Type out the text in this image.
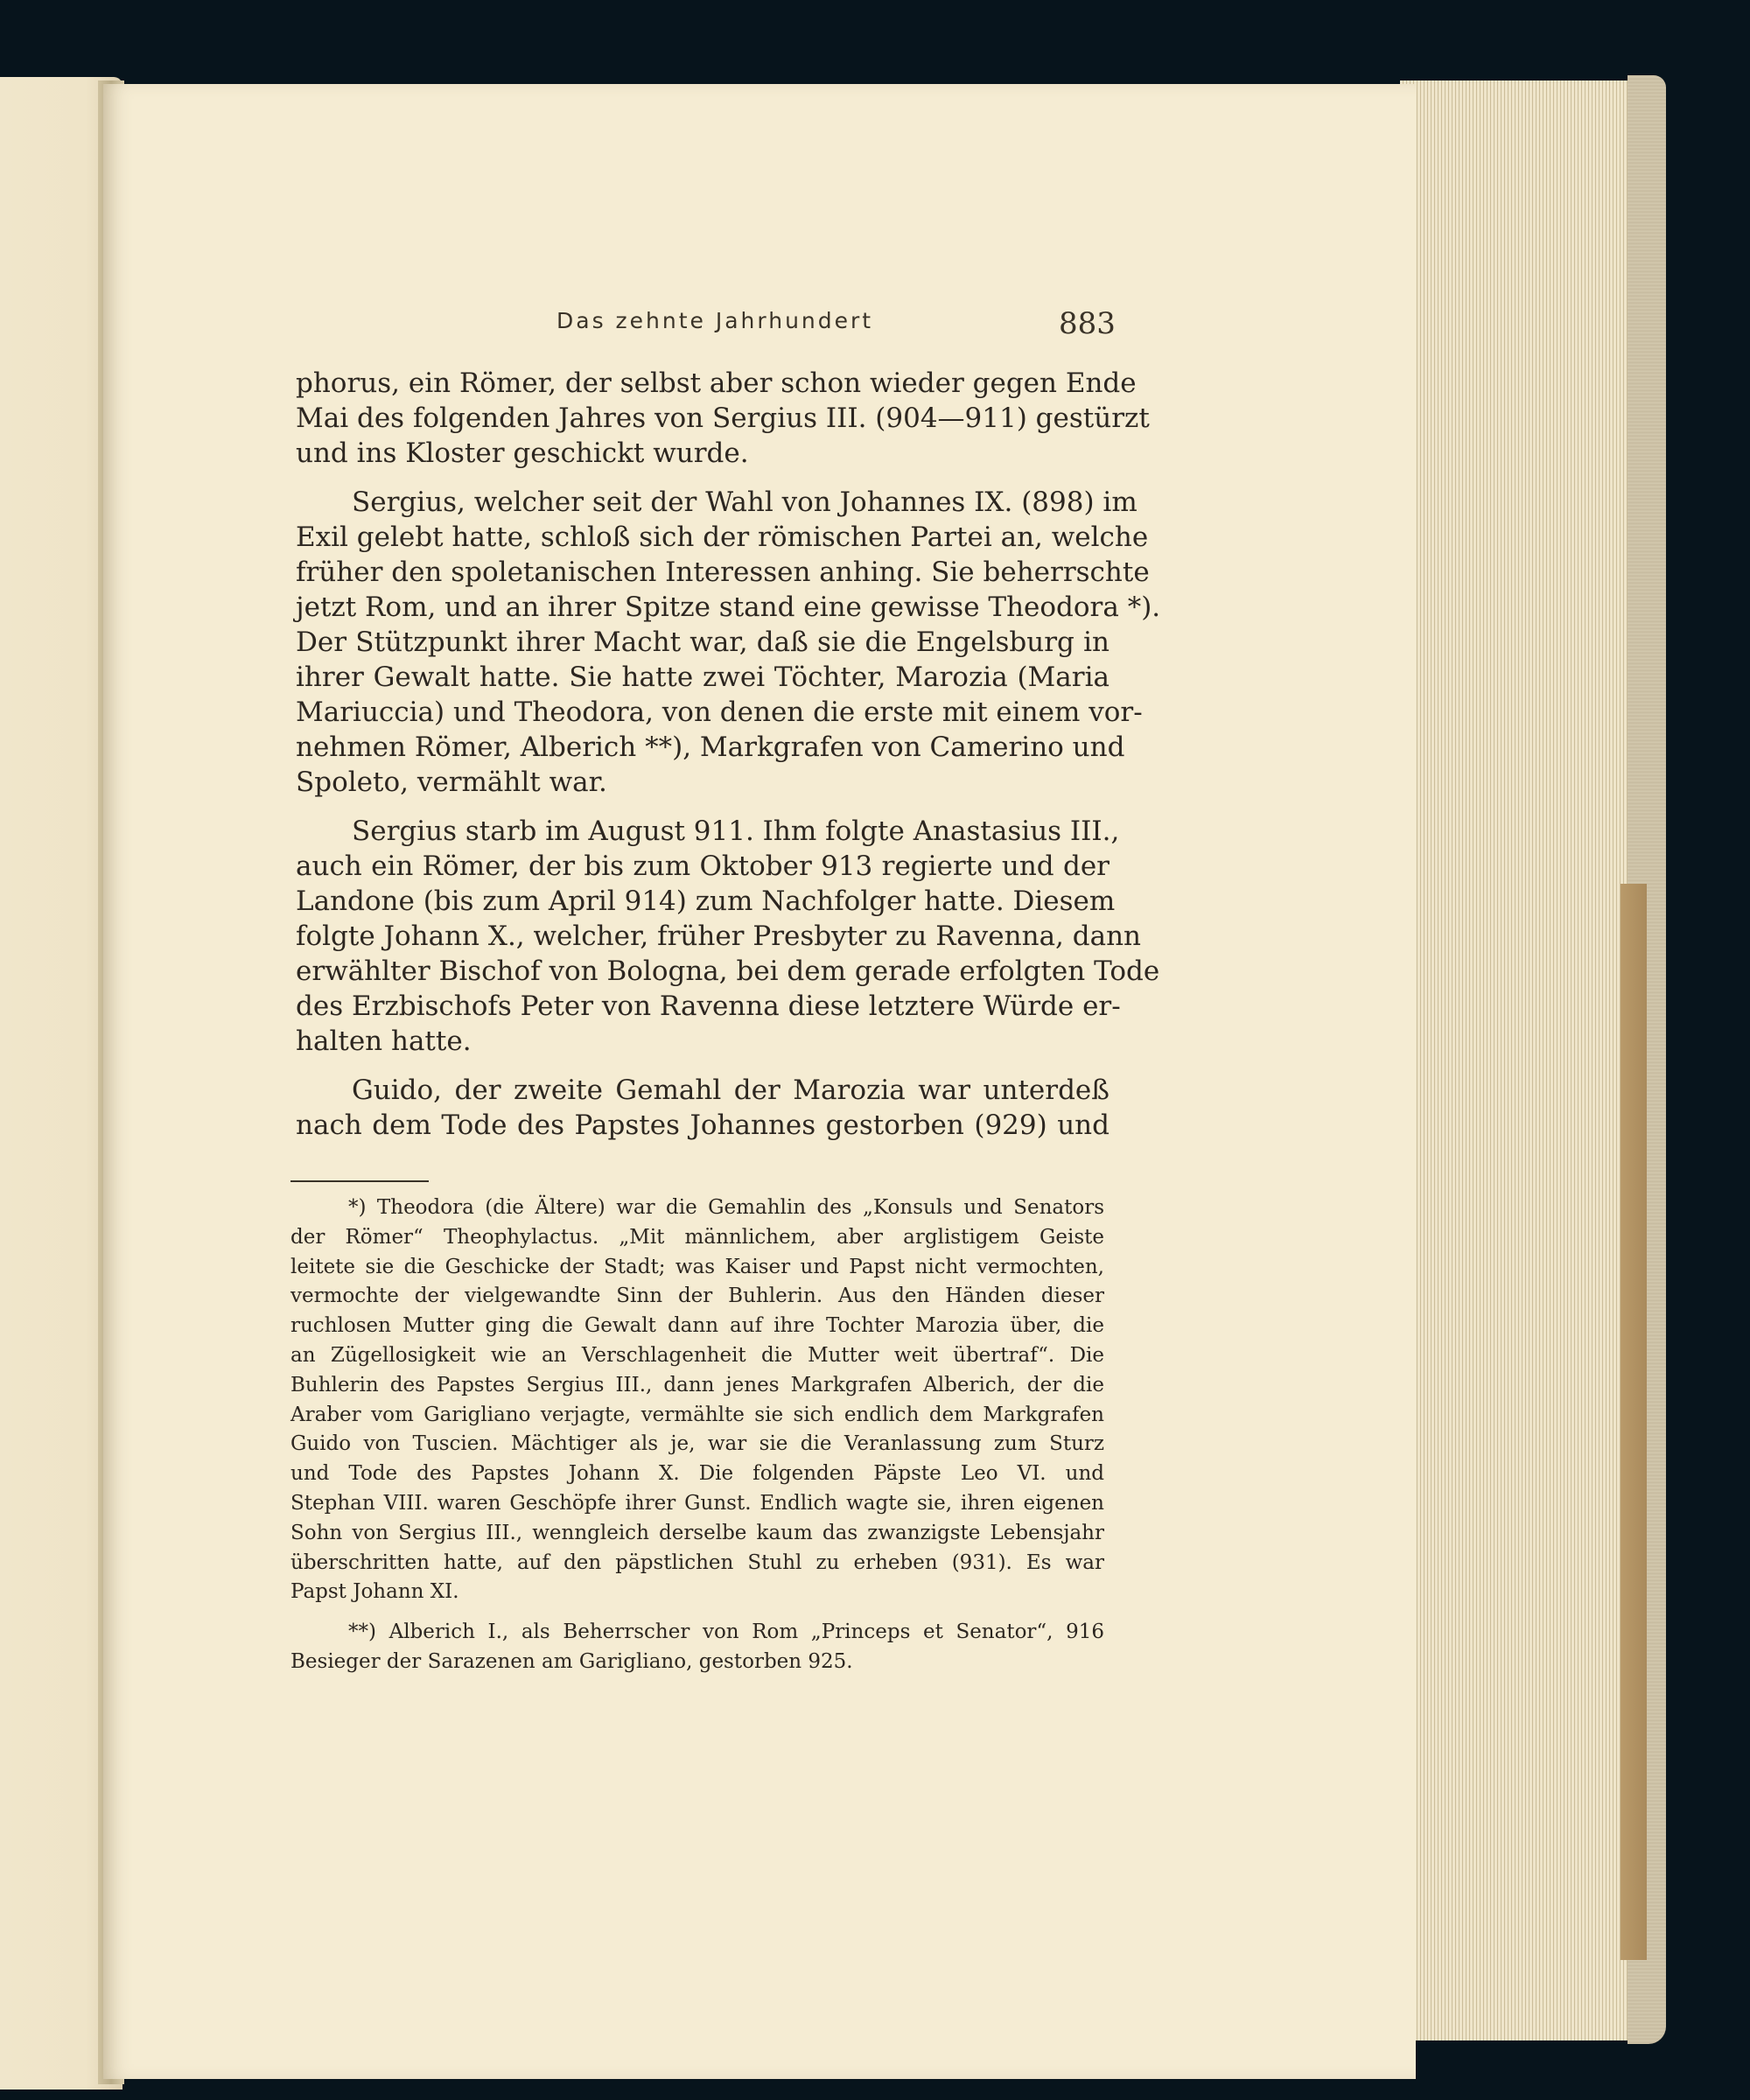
Das zehnte Jahrhundert	883
phorus, ein Römer, der selbst aber schon wieder gegen Ende
Mai des folgenden Jahres von Sergius III. (904—911) gestürzt
und ins Kloster geschickt wurde.
Sergius, welcher seit der Wahl von Johannes IX. (898) im
Exil gelebt hatte, schloß sich der römischen Partei an, welche
früher den spoletanischen Interessen anhing. Sie beherrschte
jetzt Rom, und an ihrer Spitze stand eine gewisse Theodora *).
Der Stützpunkt ihrer Macht war, daß sie die Engelsburg in
ihrer Gewalt hatte. Sie hatte zwei Töchter, Marozia (Maria
Mariuccia) und Theodora, von denen die erste mit einem vor-
nehmen Römer, Alberich **), Markgrafen von Camerino und
Spoleto, vermählt war.
Sergius starb im August 911. Ihm folgte Anastasius III.,
auch ein Römer, der bis zum Oktober 913 regierte und der
Landone (bis zum April 914) zum Nachfolger hatte. Diesem
folgte Johann X., welcher, früher Presbyter zu Ravenna, dann
erwählter Bischof von Bologna, bei dem gerade erfolgten Tode
des Erzbischofs Peter von Ravenna diese letztere Würde er-
halten hatte.
Guido, der zweite Gemahl der Marozia war unterdeß
nach dem Tode des Papstes Johannes gestorben (929) und
*) Theodora (die Ältere) war die Gemahlin des „Konsuls und Senators
der Römer“ Theophylactus. „Mit männlichem, aber arglistigem Geiste
leitete sie die Geschicke der Stadt; was Kaiser und Papst nicht vermochten,
vermochte der vielgewandte Sinn der Buhlerin. Aus den Händen dieser
ruchlosen Mutter ging die Gewalt dann auf ihre Tochter Marozia über, die
an Zügellosigkeit wie an Verschlagenheit die Mutter weit übertraf“. Die
Buhlerin des Papstes Sergius III., dann jenes Markgrafen Alberich, der die
Araber vom Garigliano verjagte, vermählte sie sich endlich dem Markgrafen
Guido von Tuscien. Mächtiger als je, war sie die Veranlassung zum Sturz
und Tode des Papstes Johann X. Die folgenden Päpste Leo VI. und
Stephan VIII. waren Geschöpfe ihrer Gunst. Endlich wagte sie, ihren eigenen
Sohn von Sergius III., wenngleich derselbe kaum das zwanzigste Lebensjahr
überschritten hatte, auf den päpstlichen Stuhl zu erheben (931). Es war
Papst Johann XI.
**) Alberich I., als Beherrscher von Rom „Princeps et Senator“, 916
Besieger der Sarazenen am Garigliano, gestorben 925.
